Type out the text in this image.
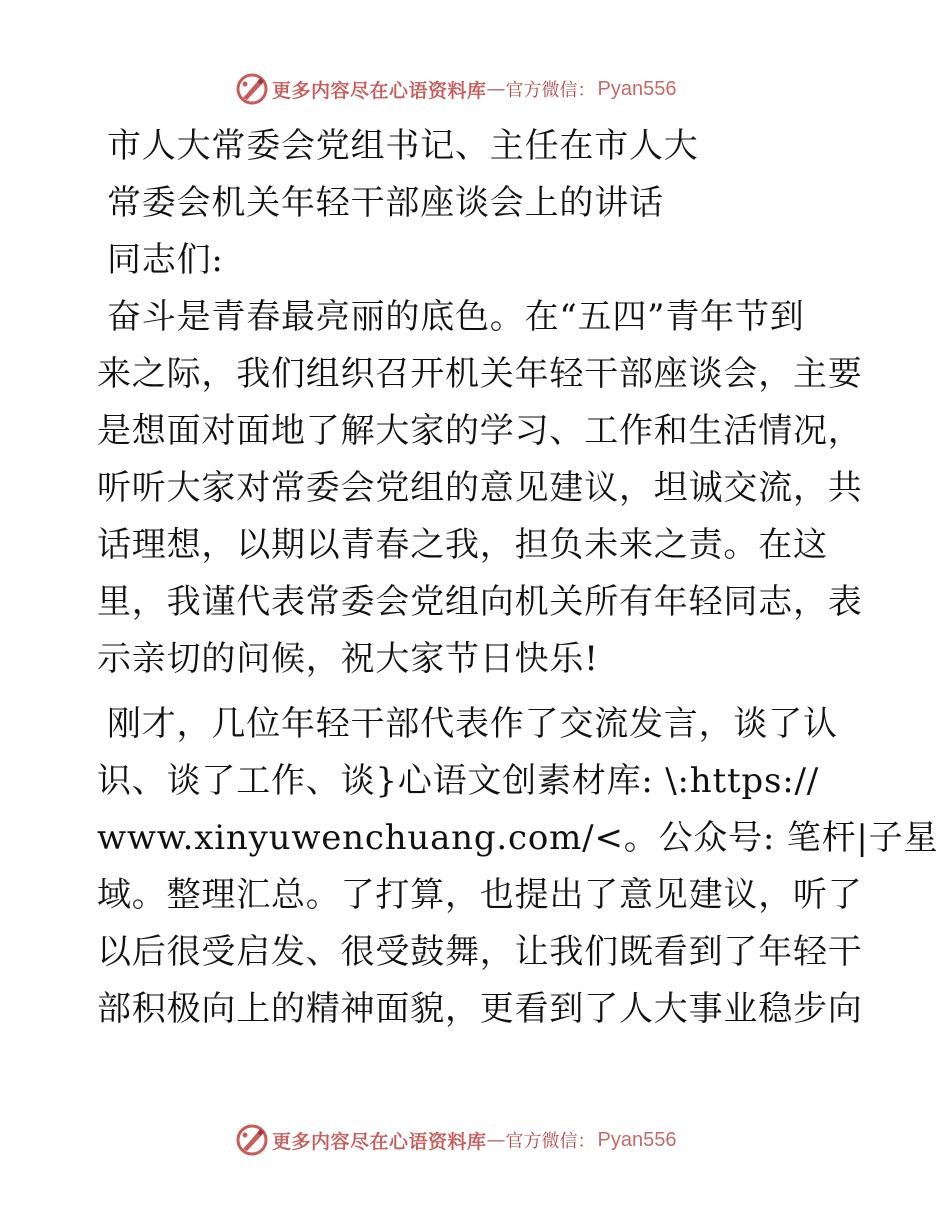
更多内容尽在心语资料库 — 官方微信： Pyan556
市人大常委会党组书记、主任在市人大
常委会机关年轻干部座谈会上的讲话
同志们:
奋斗是青春最亮丽的底色。在“五四”青年节到
来之际，我们组织召开机关年轻干部座谈会，主要
是想面对面地了解大家的学习、工作和生活情况，
听听大家对常委会党组的意见建议，坦诚交流，共
话理想，以期以青春之我，担负未来之责。在这
里，我谨代表常委会党组向机关所有年轻同志，表
示亲切的问候，祝大家节日快乐!
刚才，几位年轻干部代表作了交流发言，谈了认
识、谈了工作、谈}心语文创素材库: \:https://
www.xinyuwenchuang.com/<。公众号: 笔杆|子星
域。整理汇总。了打算，也提出了意见建议，听了
以后很受启发、很受鼓舞，让我们既看到了年轻干
部积极向上的精神面貌，更看到了人大事业稳步向
更多内容尽在心语资料库 — 官方微信： Pyan556
